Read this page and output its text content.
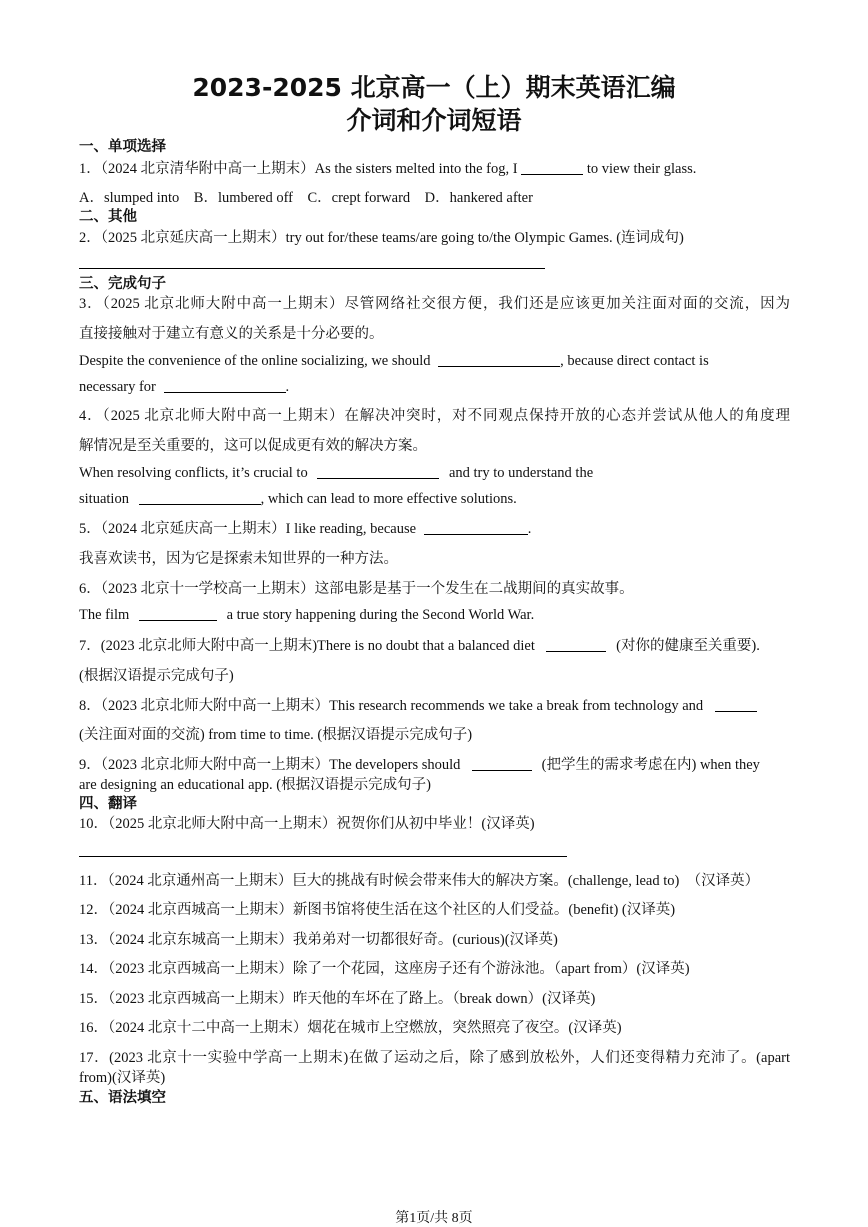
2023-2025 北京高一（上）期末英语汇编
介词和介词短语
一、单项选择
1．（2024 北京清华附中高一上期末）As the sisters melted into the fog, I	to view their glass.
A．slumped into　B．lumbered off　C．crept forward　D．hankered after
二、其他
2．（2025 北京延庆高一上期末）try out for/these teams/are going to/the Olympic Games. (连词成句)
三、完成句子
3．（2025 北京北师大附中高一上期末）尽管网络社交很方便，我们还是应该更加关注面对面的交流，因为
直接接触对于建立有意义的关系是十分必要的。
Despite the convenience of the online socializing, we should	, because direct contact is
necessary for	.
4．（2025 北京北师大附中高一上期末）在解决冲突时，对不同观点保持开放的心态并尝试从他人的角度理
解情况是至关重要的，这可以促成更有效的解决方案。
When resolving conflicts, it’s crucial to	and try to understand the
situation	, which can lead to more effective solutions.
5．（2024 北京延庆高一上期末）I like reading, because	.
我喜欢读书，因为它是探索未知世界的一种方法。
6．（2023 北京十一学校高一上期末）这部电影是基于一个发生在二战期间的真实故事。
The film	a true story happening during the Second World War.
7．(2023 北京北师大附中高一上期末)There is no doubt that a balanced diet	(对你的健康至关重要).
(根据汉语提示完成句子)
8．（2023 北京北师大附中高一上期末）This research recommends we take a break from technology and
(关注面对面的交流) from time to time. (根据汉语提示完成句子)
9．（2023 北京北师大附中高一上期末）The developers should	(把学生的需求考虑在内) when they
are designing an educational app. (根据汉语提示完成句子)
四、翻译
10．（2025 北京北师大附中高一上期末）祝贺你们从初中毕业！(汉译英)
11．（2024 北京通州高一上期末）巨大的挑战有时候会带来伟大的解决方案。(challenge, lead to)　（汉译英）
12．（2024 北京西城高一上期末）新图书馆将使生活在这个社区的人们受益。(benefit) (汉译英)
13．（2024 北京东城高一上期末）我弟弟对一切都很好奇。(curious)(汉译英)
14．（2023 北京西城高一上期末）除了一个花园，这座房子还有个游泳池。（apart from）(汉译英)
15．（2023 北京西城高一上期末）昨天他的车坏在了路上。（break down）(汉译英)
16．（2024 北京十二中高一上期末）烟花在城市上空燃放，突然照亮了夜空。(汉译英)
17．(2023 北京十一实验中学高一上期末)在做了运动之后，除了感到放松外，人们还变得精力充沛了。(apart
from)(汉译英)
五、语法填空
第1页/共 8页
